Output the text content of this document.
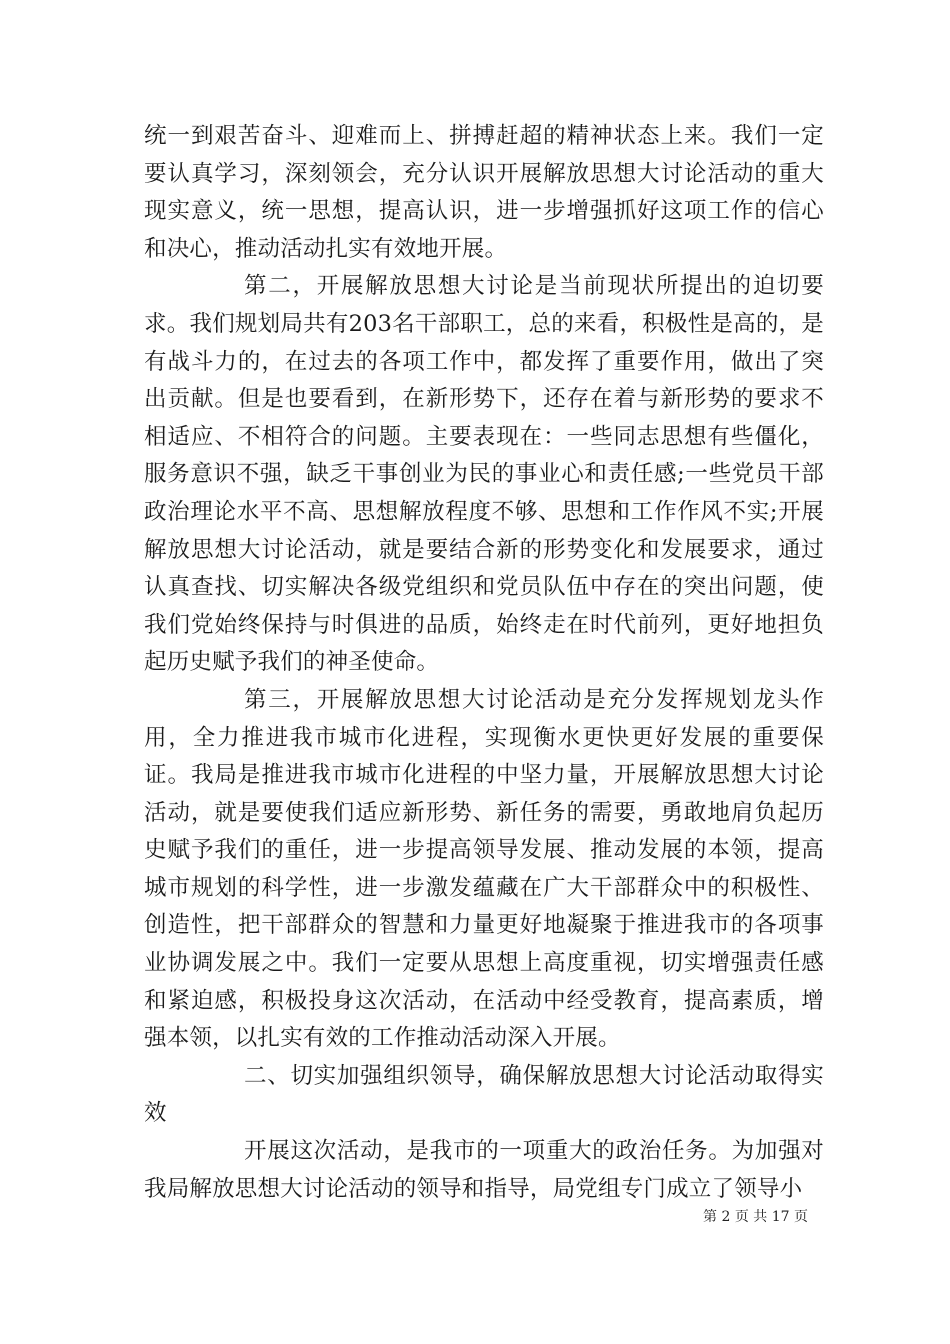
统一到艰苦奋斗、迎难而上、拼搏赶超的精神状态上来。我们一定要认真学习，深刻领会，充分认识开展解放思想大讨论活动的重大现实意义，统一思想，提高认识，进一步增强抓好这项工作的信心和决心，推动活动扎实有效地开展。

第二，开展解放思想大讨论是当前现状所提出的迫切要求。我们规划局共有203名干部职工，总的来看，积极性是高的，是有战斗力的，在过去的各项工作中，都发挥了重要作用，做出了突出贡献。但是也要看到，在新形势下，还存在着与新形势的要求不相适应、不相符合的问题。主要表现在：一些同志思想有些僵化，服务意识不强，缺乏干事创业为民的事业心和责任感;一些党员干部政治理论水平不高、思想解放程度不够、思想和工作作风不实;开展解放思想大讨论活动，就是要结合新的形势变化和发展要求，通过认真查找、切实解决各级党组织和党员队伍中存在的突出问题，使我们党始终保持与时俱进的品质，始终走在时代前列，更好地担负起历史赋予我们的神圣使命。

第三，开展解放思想大讨论活动是充分发挥规划龙头作用，全力推进我市城市化进程，实现衡水更快更好发展的重要保证。我局是推进我市城市化进程的中坚力量，开展解放思想大讨论活动，就是要使我们适应新形势、新任务的需要，勇敢地肩负起历史赋予我们的重任，进一步提高领导发展、推动发展的本领，提高城市规划的科学性，进一步激发蕴藏在广大干部群众中的积极性、创造性，把干部群众的智慧和力量更好地凝聚于推进我市的各项事业协调发展之中。我们一定要从思想上高度重视，切实增强责任感和紧迫感，积极投身这次活动，在活动中经受教育，提高素质，增强本领，以扎实有效的工作推动活动深入开展。

二、切实加强组织领导，确保解放思想大讨论活动取得实效

开展这次活动，是我市的一项重大的政治任务。为加强对我局解放思想大讨论活动的领导和指导，局党组专门成立了领导小

第 2 页 共 17 页
